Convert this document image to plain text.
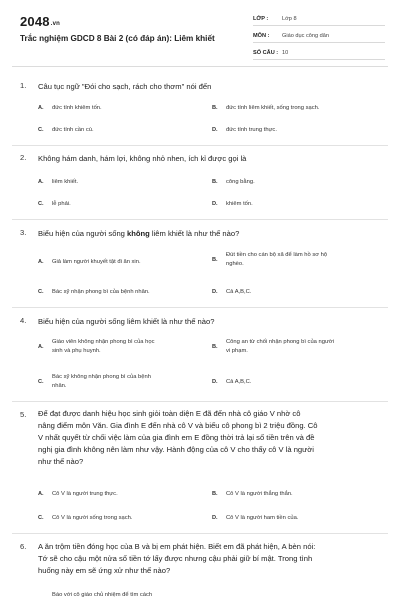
2048.vn
Trắc nghiệm GDCD 8 Bài 2 (có đáp án): Liêm khiết
LỚP :	Lớp 8
MÔN :	Giáo dục công dân
SỐ CÂU : 10
1. Câu tục ngữ "Đói cho sạch, rách cho thơm" nói đến
A.	đức tính khiêm tốn.	B.	đức tính liêm khiết, sống trong sạch.
C.	đức tính cần cù.	D.	đức tính trung thực.
2. Không hám danh, hám lợi, không nhỏ nhen, ích kỉ được gọi là
A.	liêm khiết.	B.	công bằng.
C.	lễ phải.	D.	khiêm tốn.
3. Biểu hiện của người sống không liêm khiết là như thế nào?
A.	Giả làm người khuyết tật đi ăn xin.	B.
Đút tiền cho cán bộ xã để làm hồ sơ hộ
nghèo.
C.	Bác sỹ nhận phong bì của bệnh nhân.	D.	Cả A,B,C.
4. Biểu hiện của người sống liêm khiết là như thế nào?
A.
Giáo viên không nhận phong bì của học
sinh và phụ huynh.
B.
Công an từ chối nhận phong bì của người
vi phạm.
C.
Bác sỹ không nhận phong bì của bệnh
nhân.
D.	Cả A,B,C.
5. Để đạt được danh hiệu học sinh giỏi toàn diện E đã đến nhà cô giáo V nhờ cô
nâng điểm môn Văn. Gia đình E đến nhà cô V và biếu cô phong bì 2 triệu đồng. Cô
V nhất quyết từ chối việc làm của gia đình em E đồng thời trả lại số tiền trên và đề
nghị gia đình không nên làm như vậy. Hành động của cô V cho thấy cô V là người
như thế nào?
A.	Cô V là người trung thực.	B.	Cô V là người thẳng thắn.
C.	Cô V là người sống trong sạch.	D.	Cô V là người ham tiền của.
6. A ăn trộm tiền đóng học của B và bị em phát hiện. Biết em đã phát hiện, A bèn nói:
Tớ sẽ cho cậu một nửa số tiền tớ lấy được nhưng cậu phải giữ bí mật. Trong tình
huống này em sẽ ứng xử như thế nào?
Báo với cô giáo chủ nhiệm để tìm cách
